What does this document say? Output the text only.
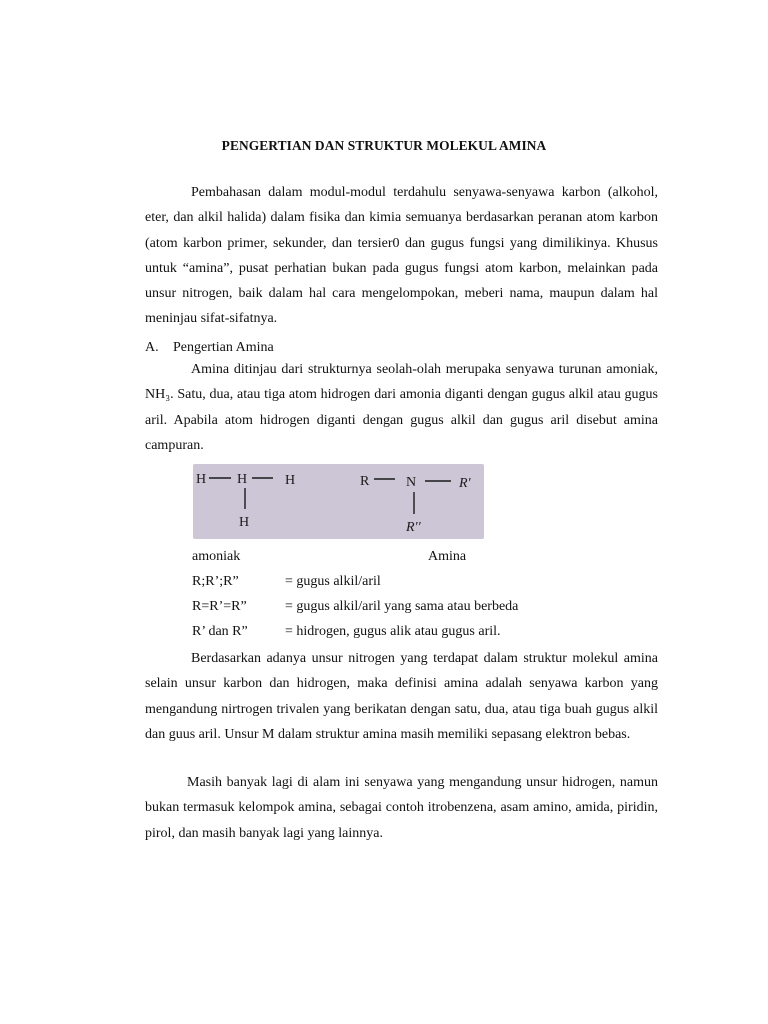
PENGERTIAN DAN STRUKTUR MOLEKUL AMINA

Pembahasan dalam modul-modul terdahulu senyawa-senyawa karbon (alkohol, eter, dan alkil halida) dalam fisika dan kimia semuanya berdasarkan peranan atom karbon (atom karbon primer, sekunder, dan tersier0 dan gugus fungsi yang dimilikinya. Khusus untuk “amina”, pusat perhatian bukan pada gugus fungsi atom karbon, melainkan pada unsur nitrogen, baik dalam hal cara mengelompokan, meberi nama, maupun dalam hal meninjau sifat-sifatnya.

A. Pengertian Amina

Amina ditinjau dari strukturnya seolah-olah merupaka senyawa turunan amoniak, NH₃. Satu, dua, atau tiga atom hidrogen dari amonia diganti dengan gugus alkil atau gugus aril. Apabila atom hidrogen diganti dengan gugus alkil dan gugus aril disebut amina campuran.

H H	H
H
R	N	R′
R′′
amoniak	Amina
R;R’;R”	= gugus alkil/aril
R=R’=R”	= gugus alkil/aril yang sama atau berbeda
R’ dan R”	= hidrogen, gugus alik atau gugus aril.

Berdasarkan adanya unsur nitrogen yang terdapat dalam struktur molekul amina selain unsur karbon dan hidrogen, maka definisi amina adalah senyawa karbon yang mengandung nirtrogen trivalen yang berikatan dengan satu, dua, atau tiga buah gugus alkil dan guus aril. Unsur M dalam struktur amina masih memiliki sepasang elektron bebas.

Masih banyak lagi di alam ini senyawa yang mengandung unsur hidrogen, namun bukan termasuk kelompok amina, sebagai contoh itrobenzena, asam amino, amida, piridin, pirol, dan masih banyak lagi yang lainnya.
